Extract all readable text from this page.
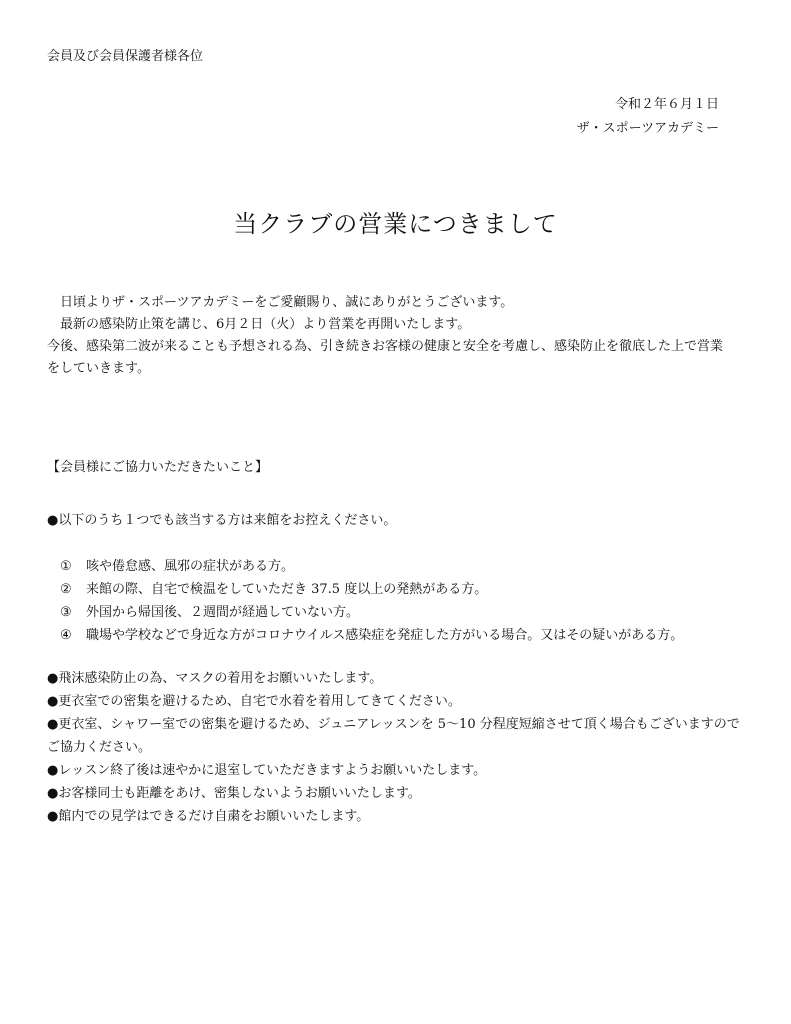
会員及び会員保護者様各位
令和２年６月１日
ザ・スポーツアカデミー
当クラブの営業につきまして

日頃よりザ・スポーツアカデミーをご愛顧賜り、誠にありがとうございます。

最新の感染防止策を講じ、6月２日（火）より営業を再開いたします。

今後、感染第二波が来ることも予想される為、引き続きお客様の健康と安全を考慮し、感染防止を徹底した上で営業をしていきます。

【会員様にご協力いただきたいこと】
●以下のうち１つでも該当する方は来館をお控えください。
① 咳や倦怠感、風邪の症状がある方。
② 来館の際、自宅で検温をしていただき 37.5 度以上の発熱がある方。
③ 外国から帰国後、２週間が経過していない方。
④ 職場や学校などで身近な方がコロナウイルス感染症を発症した方がいる場合。又はその疑いがある方。
●飛沫感染防止の為、マスクの着用をお願いいたします。
●更衣室での密集を避けるため、自宅で水着を着用してきてください。
●更衣室、シャワー室での密集を避けるため、ジュニアレッスンを 5〜10 分程度短縮させて頂く場合もございますのでご協力ください。
●レッスン終了後は速やかに退室していただきますようお願いいたします。
●お客様同士も距離をあけ、密集しないようお願いいたします。
●館内での見学はできるだけ自粛をお願いいたします。
